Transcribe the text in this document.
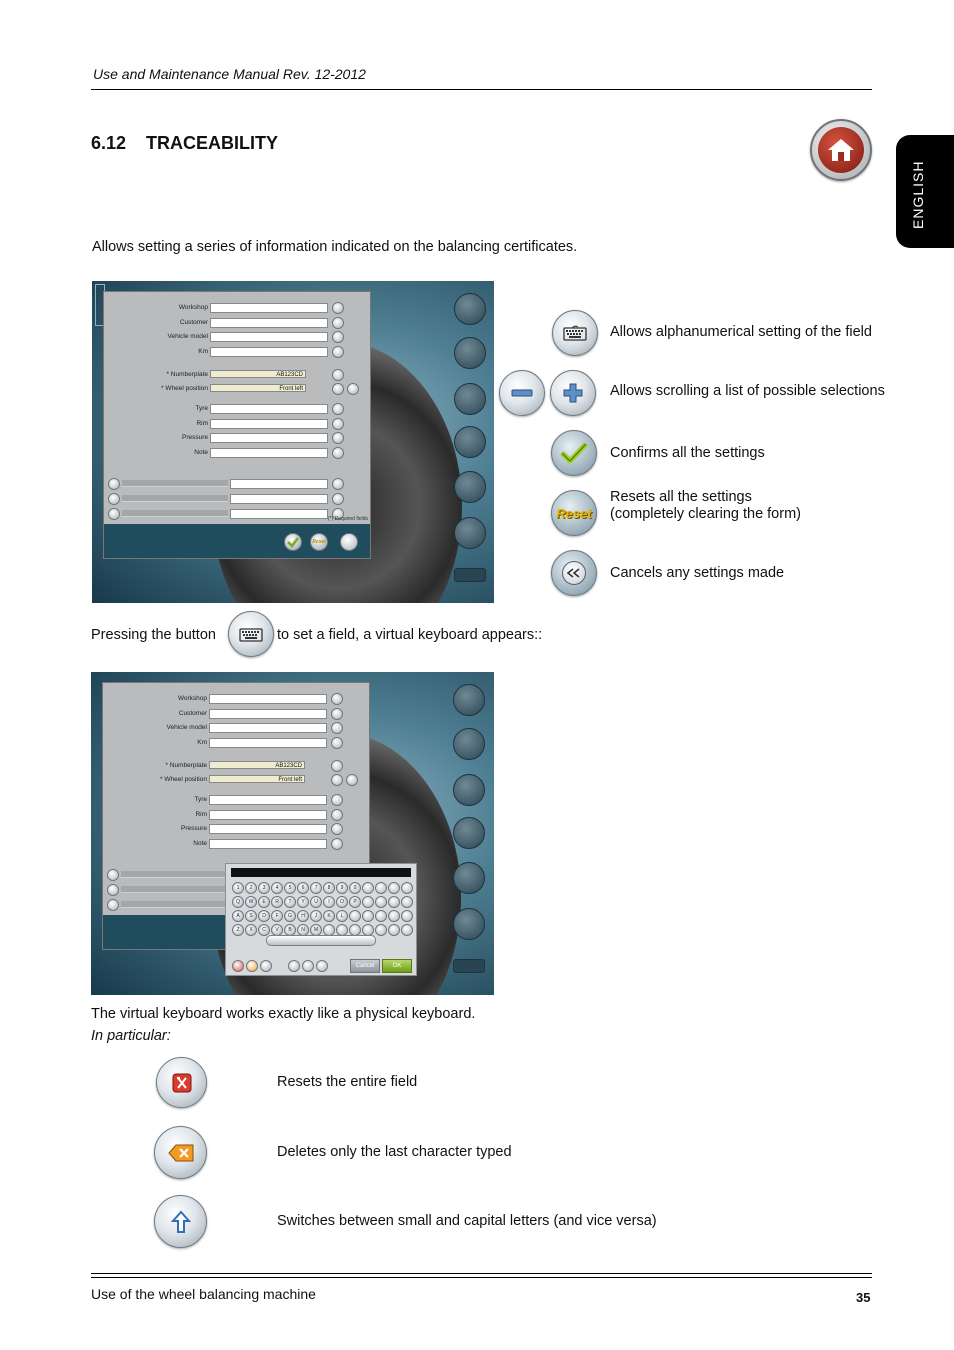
Use and Maintenance Manual Rev. 12-2012
6.12 TRACEABILITY
ENGLISH
Allows setting a series of information indicated on the balancing certificates.
Workshop
Customer
Vehicle model
Km
* Numberplate	AB123CD
* Wheel position	Front left
Tyre
Rim
Pressure
Note
Reset
(*) Required fields
Allows alphanumerical setting of the field
Allows scrolling a list of possible selections
Confirms all the settings
Reset
Resets all the settings
(completely clearing the form)
Cancels any settings made
Pressing the button	to set a field, a virtual keyboard appears::
Workshop
Customer
Vehicle model
Km
* Numberplate	AB123CD
* Wheel position	Front left
Tyre
Rim
Pressure
Note
1	2	3	4	5	6	7	8	9	0
Q	W	E	R	T	Y	U	I	O	P
A	S	D	F	G	H	J	K	L
Z	X	C	V	B	N	M
Cancel	OK
The virtual keyboard works exactly like a physical keyboard.
In particular:
Resets the entire field
Deletes only the last character typed
Switches between small and capital letters (and vice versa)
Use of the wheel balancing machine	35
